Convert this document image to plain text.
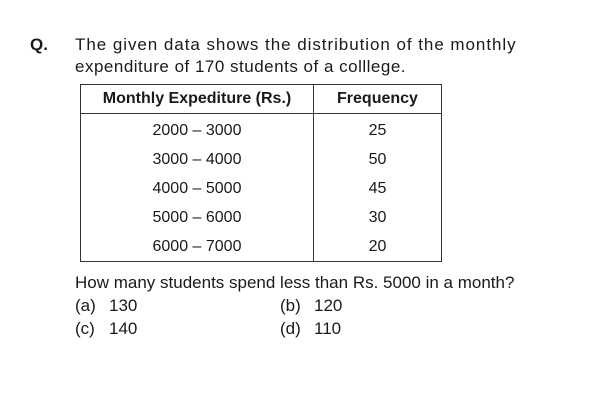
Q. The given data shows the distribution of the monthly
expenditure of 170 students of a colllege.
Monthly Expediture (Rs.)	Frequency
2000 – 3000	25
3000 – 4000	50
4000 – 5000	45
5000 – 6000	30
6000 – 7000	20
How many students spend less than Rs. 5000 in a month?
(a) 130	(b) 120
(c) 140	(d) 110
